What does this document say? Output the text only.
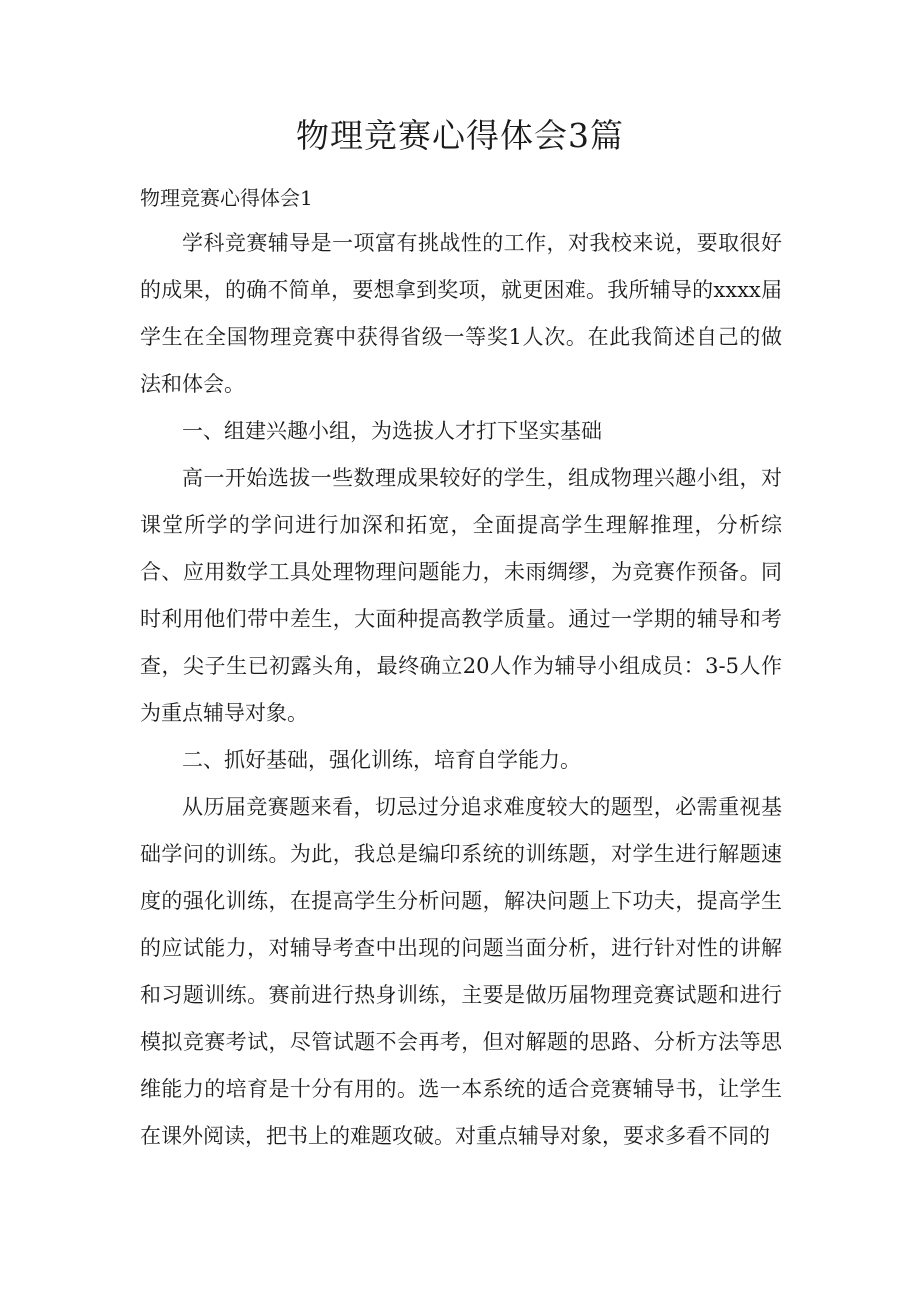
物理竞赛心得体会3篇
物理竞赛心得体会1

学科竞赛辅导是一项富有挑战性的工作，对我校来说，要取很好的成果，的确不简单，要想拿到奖项，就更困难。我所辅导的xxxx届学生在全国物理竞赛中获得省级一等奖1人次。在此我简述自己的做法和体会。

一、组建兴趣小组，为选拔人才打下坚实基础

高一开始选拔一些数理成果较好的学生，组成物理兴趣小组，对课堂所学的学问进行加深和拓宽，全面提高学生理解推理，分析综合、应用数学工具处理物理问题能力，未雨绸缪，为竞赛作预备。同时利用他们带中差生，大面种提高教学质量。通过一学期的辅导和考查，尖子生已初露头角，最终确立20人作为辅导小组成员：3-5人作为重点辅导对象。

二、抓好基础，强化训练，培育自学能力。

从历届竞赛题来看，切忌过分追求难度较大的题型，必需重视基础学问的训练。为此，我总是编印系统的训练题，对学生进行解题速度的强化训练，在提高学生分析问题，解决问题上下功夫，提高学生的应试能力，对辅导考查中出现的问题当面分析，进行针对性的讲解和习题训练。赛前进行热身训练，主要是做历届物理竞赛试题和进行模拟竞赛考试，尽管试题不会再考，但对解题的思路、分析方法等思维能力的培育是十分有用的。选一本系统的适合竞赛辅导书，让学生在课外阅读，把书上的难题攻破。对重点辅导对象，要求多看不同的
